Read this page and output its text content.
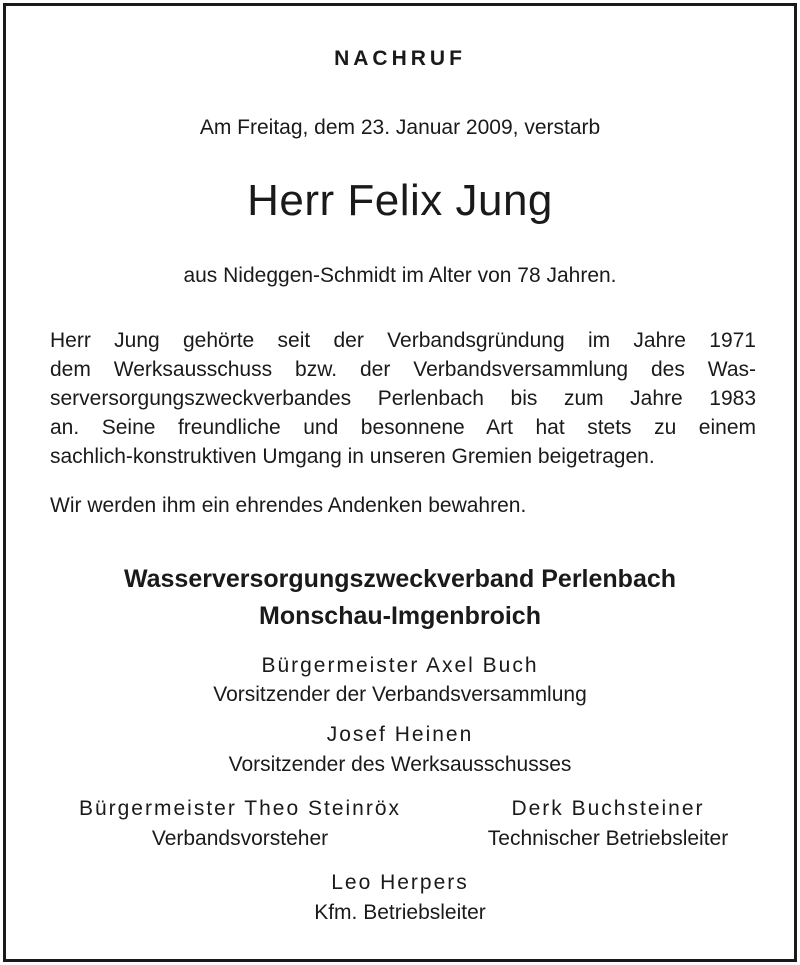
NACHRUF
Am Freitag, dem 23. Januar 2009, verstarb
Herr Felix Jung
aus Nideggen-Schmidt im Alter von 78 Jahren.
Herr Jung gehörte seit der Verbandsgründung im Jahre 1971
dem Werksausschuss bzw. der Verbandsversammlung des Was-
serversorgungszweckverbandes Perlenbach bis zum Jahre 1983
an. Seine freundliche und besonnene Art hat stets zu einem
sachlich-konstruktiven Umgang in unseren Gremien beigetragen.
Wir werden ihm ein ehrendes Andenken bewahren.
Wasserversorgungszweckverband Perlenbach
Monschau-Imgenbroich
Bürgermeister Axel Buch
Vorsitzender der Verbandsversammlung
Josef Heinen
Vorsitzender des Werksausschusses
Bürgermeister Theo Steinröx
Verbandsvorsteher
Derk Buchsteiner
Technischer Betriebsleiter
Leo Herpers
Kfm. Betriebsleiter
